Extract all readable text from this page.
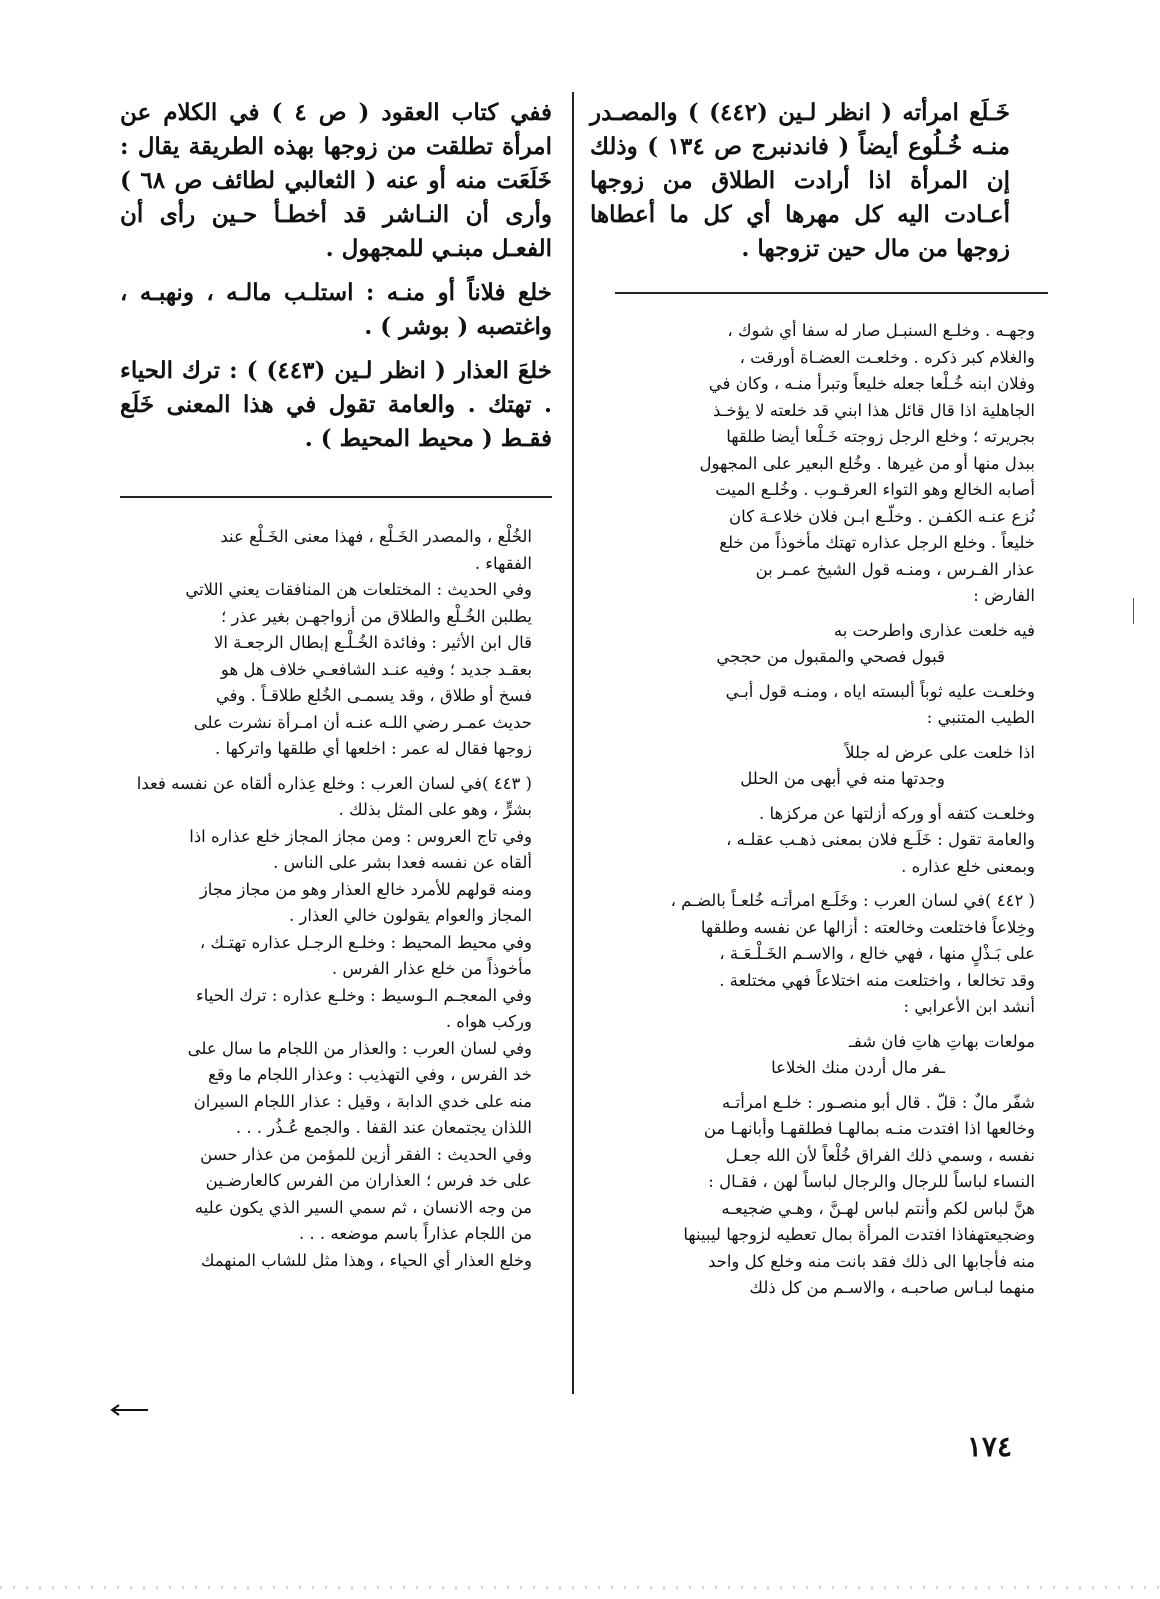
خَـلَع امرأته ( انظر لـين (٤٤٢) ) والمصـدر منـه خُـلُوع أيضاً ( فاندنبرج ص ١٣٤ ) وذلك إن المرأة اذا أرادت الطلاق من زوجها أعـادت اليه كل مهرها أي كل ما أعطاها زوجها من مال حين تزوجها .

وجهـه . وخلـع السنبـل صار له سفا أي شوك ،
والغلام كبر ذكره . وخلعـت العضـاة أورقت ،
وفلان ابنه خُـلْعا جعله خليعاً وتبرأ منـه ، وكان في
الجاهلية اذا قال قائل هذا ابني قد خلعته لا يؤخـذ
بجريرته ؛ وخلع الرجل زوجته خَـلْعا أيضا طلقها
ببدل منها أو من غيرها . وخُلع البعير على المجهول
أصابه الخالع وهو التواء العرقـوب . وخُلـع الميت
نُزع عنـه الكفـن . وخلّـع ابـن فلان خلاعـة كان
خليعاً . وخلع الرجل عذاره تهتك مأخوذاً من خلع
عذار الفـرس ، ومنـه قول الشيخ عمـر بن
الفارض :
فيه خلعت عذارى واطرحت به
قبول فصحي والمقبول من حججي
وخلعـت عليه ثوباً ألبسته اياه ، ومنـه قول أبـي
الطيب المتنبي :
اذا خلعت على عرض له جللاً
وجدتها منه في أبهى من الحلل
وخلعـت كتفه أو وركه أزلتها عن مركزها .
والعامة تقول : خَلَـع فلان بمعنى ذهـب عقلـه ،
وبمعنى خلع عذاره .
( ٤٤٢ )في لسان العرب : وخَلَـع امرأتـه خُلعـاً بالضـم ،

وخِلاعاً فاختلعت وخالعته : أزالها عن نفسه وطلقها
على بَـذْلٍ منها ، فهي خالع ، والاسـم الخَـلْـعَـة ،
وقد تخالعا ، واختلعت منه اختلاعاً فهي مختلعة .
أنشد ابن الأعرابي :
مولعات بهاتِ هاتِ فان شفـ
ـفر مال أردن منك الخلاعا
شفّر مالٌ : قلّ . قال أبو منصـور : خلـع امرأتـه
وخالعها اذا افتدت منـه بمالهـا فطلقهـا وأبانهـا من
نفسه ، وسمي ذلك الفراق خُلْعاً لأن الله جعـل
النساء لباساً للرجال والرجال لباساً لهن ، فقـال :
هنَّ لباس لكم وأنتم لباس لهـنَّ ، وهـي ضجيعـه
وضجيعتهفاذا افتدت المرأة بمال تعطيه لزوجها ليبينها
منه فأجابها الى ذلك فقد بانت منه وخلع كل واحد
منهما لبـاس صاحبـه ، والاسـم من كل ذلك

ففي كتاب العقود ( ص ٤ ) في الكلام عن امرأة تطلقت من زوجها بهذه الطريقة يقال : خَلَعَت منه أو عنه ( الثعالبي لطائف ص ٦٨ ) وأرى أن النـاشر قد أخطـأ حـين رأى أن الفعـل مبنـي للمجهول .

خلع فلاناً أو منـه : استلـب مالـه ، ونهبـه ، واغتصبه ( بوشر ) .

خلعَ العذار ( انظر لـين (٤٤٣) ) : ترك الحياء . تهتك . والعامة تقول في هذا المعنى خَلَع فقـط ( محيط المحيط ) .

الخُلْع ، والمصدر الخَـلْع ، فهذا معنى الخَـلْع عند
الفقهاء .
وفي الحديث : المختلعات هن المنافقات يعني اللاتي
يطلبن الخُـلْع والطلاق من أزواجهـن بغير عذر ؛
قال ابن الأثير : وفائدة الخُـلْـع إبطال الرجعـة الا
بعقـد جديد ؛ وفيه عنـد الشافعـي خلاف هل هو
فسخ أو طلاق ، وقد يسمـى الخُلع طلاقـاً . وفي
حديث عمـر رضي اللـه عنـه أن امـرأة نشرت على
زوجها فقال له عمر : اخلعها أي طلقها واتركها .
( ٤٤٣ )في لسان العرب : وخلع عِذاره ألقاه عن نفسه فعدا

بشرٍّ ، وهو على المثل بذلك .
وفي تاج العروس : ومن مجاز المجاز خلع عذاره اذا
ألقاه عن نفسه فعدا بشر على الناس .
ومنه قولهم للأمرد خالع العذار وهو من مجاز مجاز
المجاز والعوام يقولون خالي العذار .
وفي محيط المحيط : وخلـع الرجـل عذاره تهتـك ،
مأخوذاً من خلع عذار الفرس .
وفي المعجـم الـوسيط : وخلـع عذاره : ترك الحياء
وركب هواه .
وفي لسان العرب : والعذار من اللجام ما سال على
خد الفرس ، وفي التهذيب : وعذار اللجام ما وقع
منه على خدي الدابة ، وقيل : عذار اللجام السيران
اللذان يجتمعان عند القفا . والجمع عُـذُر . . .
وفي الحديث : الفقر أزين للمؤمن من عذار حسن
على خد فرس ؛ العذاران من الفرس كالعارضـين
من وجه الانسان ، ثم سمي السير الذي يكون عليه
من اللجام عذاراً باسم موضعه . . .
وخلع العذار أي الحياء ، وهذا مثل للشاب المنهمك
١٧٤
